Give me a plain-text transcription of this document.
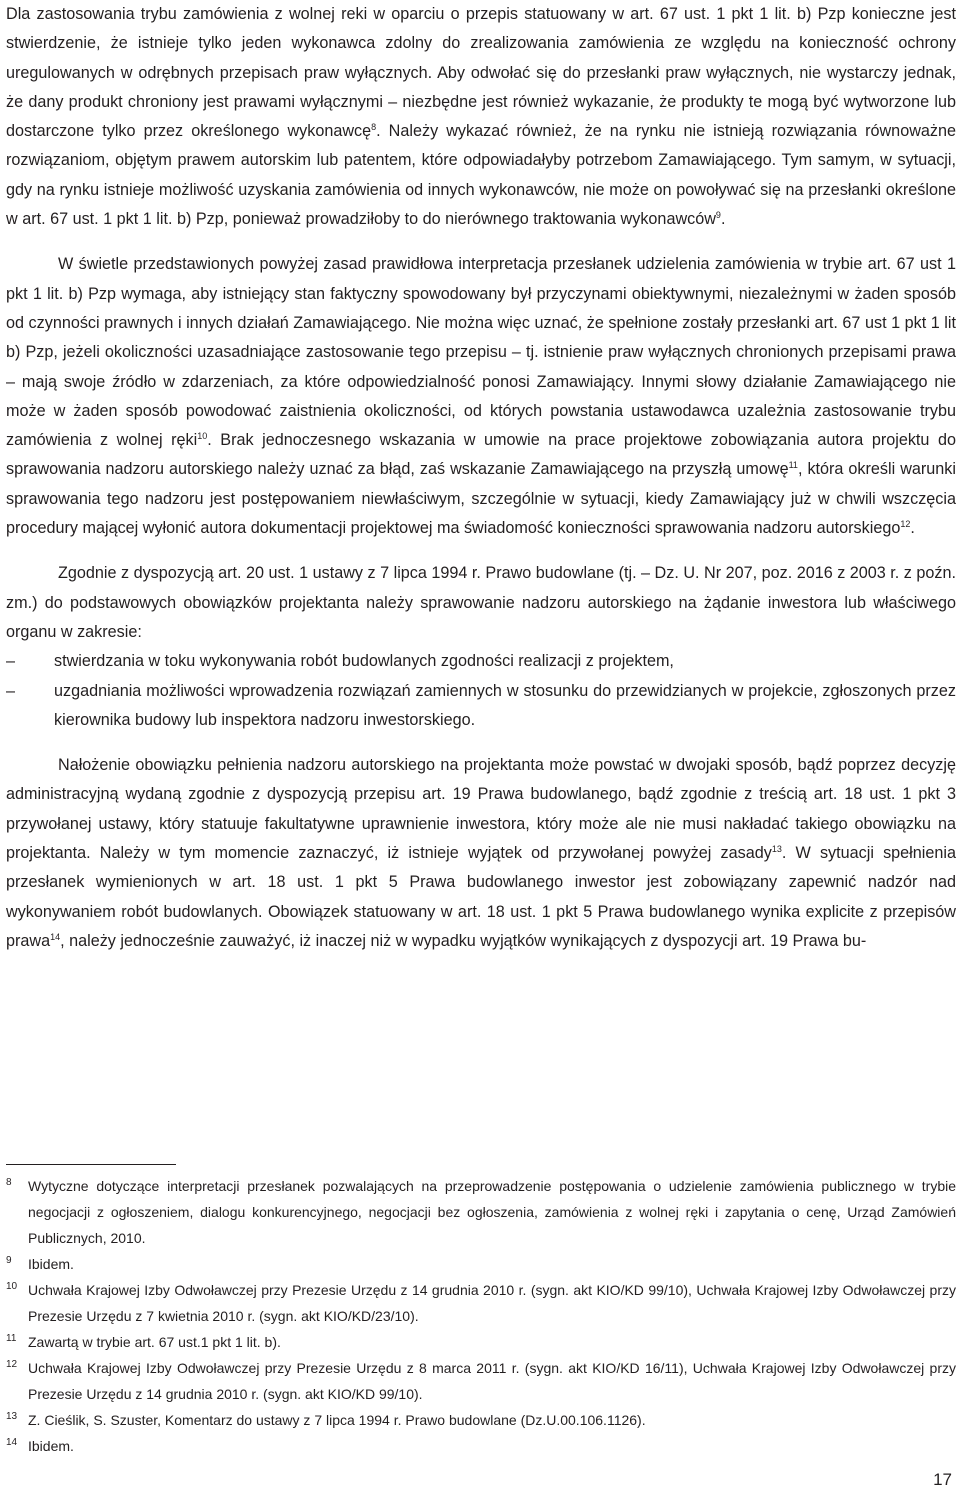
Dla zastosowania trybu zamówienia z wolnej reki w oparciu o przepis statuowany w art. 67 ust. 1 pkt 1 lit. b) Pzp konieczne jest stwierdzenie, że istnieje tylko jeden wykonawca zdolny do zrealizowania zamówienia ze względu na konieczność ochrony uregulowanych w odrębnych przepisach praw wyłącznych. Aby odwołać się do przesłanki praw wyłącznych, nie wystarczy jednak, że dany produkt chroniony jest prawami wyłącznymi – niezbędne jest również wykazanie, że produkty te mogą być wytworzone lub dostarczone tylko przez określonego wykonawcę$^8$. Należy wykazać również, że na rynku nie istnieją rozwiązania równoważne rozwiązaniom, objętym prawem autorskim lub patentem, które odpowiadałyby potrzebom Zamawiającego. Tym samym, w sytuacji, gdy na rynku istnieje możliwość uzyskania zamówienia od innych wykonawców, nie może on powoływać się na przesłanki określone w art. 67 ust. 1 pkt 1 lit. b) Pzp, ponieważ prowadziłoby to do nierównego traktowania wykonawców$^9$.

W świetle przedstawionych powyżej zasad prawidłowa interpretacja przesłanek udzielenia zamówienia w trybie art. 67 ust 1 pkt 1 lit. b) Pzp wymaga, aby istniejący stan faktyczny spowodowany był przyczynami obiektywnymi, niezależnymi w żaden sposób od czynności prawnych i innych działań Zamawiającego. Nie można więc uznać, że spełnione zostały przesłanki art. 67 ust 1 pkt 1 lit b) Pzp, jeżeli okoliczności uzasadniające zastosowanie tego przepisu – tj. istnienie praw wyłącznych chronionych przepisami prawa – mają swoje źródło w zdarzeniach, za które odpowiedzialność ponosi Zamawiający. Innymi słowy działanie Zamawiającego nie może w żaden sposób powodować zaistnienia okoliczności, od których powstania ustawodawca uzależnia zastosowanie trybu zamówienia z wolnej ręki$^{10}$. Brak jednoczesnego wskazania w umowie na prace projektowe zobowiązania autora projektu do sprawowania nadzoru autorskiego należy uznać za błąd, zaś wskazanie Zamawiającego na przyszłą umowę$^{11}$, która określi warunki sprawowania tego nadzoru jest postępowaniem niewłaściwym, szczególnie w sytuacji, kiedy Zamawiający już w chwili wszczęcia procedury mającej wyłonić autora dokumentacji projektowej ma świadomość konieczności sprawowania nadzoru autorskiego$^{12}$.

Zgodnie z dyspozycją art. 20 ust. 1 ustawy z 7 lipca 1994 r. Prawo budowlane (tj. – Dz. U. Nr 207, poz. 2016 z 2003 r. z poźn. zm.) do podstawowych obowiązków projektanta należy sprawowanie nadzoru autorskiego na żądanie inwestora lub właściwego organu w zakresie:

–	stwierdzania w toku wykonywania robót budowlanych zgodności realizacji z projektem,
–	uzgadniania możliwości wprowadzenia rozwiązań zamiennych w stosunku do przewidzianych w projekcie, zgłoszonych przez kierownika budowy lub inspektora nadzoru inwestorskiego.

Nałożenie obowiązku pełnienia nadzoru autorskiego na projektanta może powstać w dwojaki sposób, bądź poprzez decyzję administracyjną wydaną zgodnie z dyspozycją przepisu art. 19 Prawa budowlanego, bądź zgodnie z treścią art. 18 ust. 1 pkt 3 przywołanej ustawy, który statuuje fakultatywne uprawnienie inwestora, który może ale nie musi nakładać takiego obowiązku na projektanta. Należy w tym momencie zaznaczyć, iż istnieje wyjątek od przywołanej powyżej zasady$^{13}$. W sytuacji spełnienia przesłanek wymienionych w art. 18 ust. 1 pkt 5 Prawa budowlanego inwestor jest zobowiązany zapewnić nadzór nad wykonywaniem robót budowlanych. Obowiązek statuowany w art. 18 ust. 1 pkt 5 Prawa budowlanego wynika explicite z przepisów prawa$^{14}$, należy jednocześnie zauważyć, iż inaczej niż w wypadku wyjątków wynikających z dyspozycji art. 19 Prawa bu-

8	Wytyczne dotyczące interpretacji przesłanek pozwalających na przeprowadzenie postępowania o udzielenie zamówienia publicznego w trybie negocjacji z ogłoszeniem, dialogu konkurencyjnego, negocjacji bez ogłoszenia, zamówienia z wolnej ręki i zapytania o cenę, Urząd Zamówień Publicznych, 2010.
9	Ibidem.
10 Uchwała Krajowej Izby Odwoławczej przy Prezesie Urzędu z 14 grudnia 2010 r. (sygn. akt KIO/KD 99/10), Uchwała Krajowej Izby Odwoławczej przy Prezesie Urzędu z 7 kwietnia 2010 r. (sygn. akt KIO/KD/23/10).
11 Zawartą w trybie art. 67 ust.1 pkt 1 lit. b).
12 Uchwała Krajowej Izby Odwoławczej przy Prezesie Urzędu z 8 marca 2011 r. (sygn. akt KIO/KD 16/11), Uchwała Krajowej Izby Odwoławczej przy Prezesie Urzędu z 14 grudnia 2010 r. (sygn. akt KIO/KD 99/10).
13 Z. Cieślik, S. Szuster, Komentarz do ustawy z 7 lipca 1994 r. Prawo budowlane (Dz.U.00.106.1126).
14 Ibidem.
17
